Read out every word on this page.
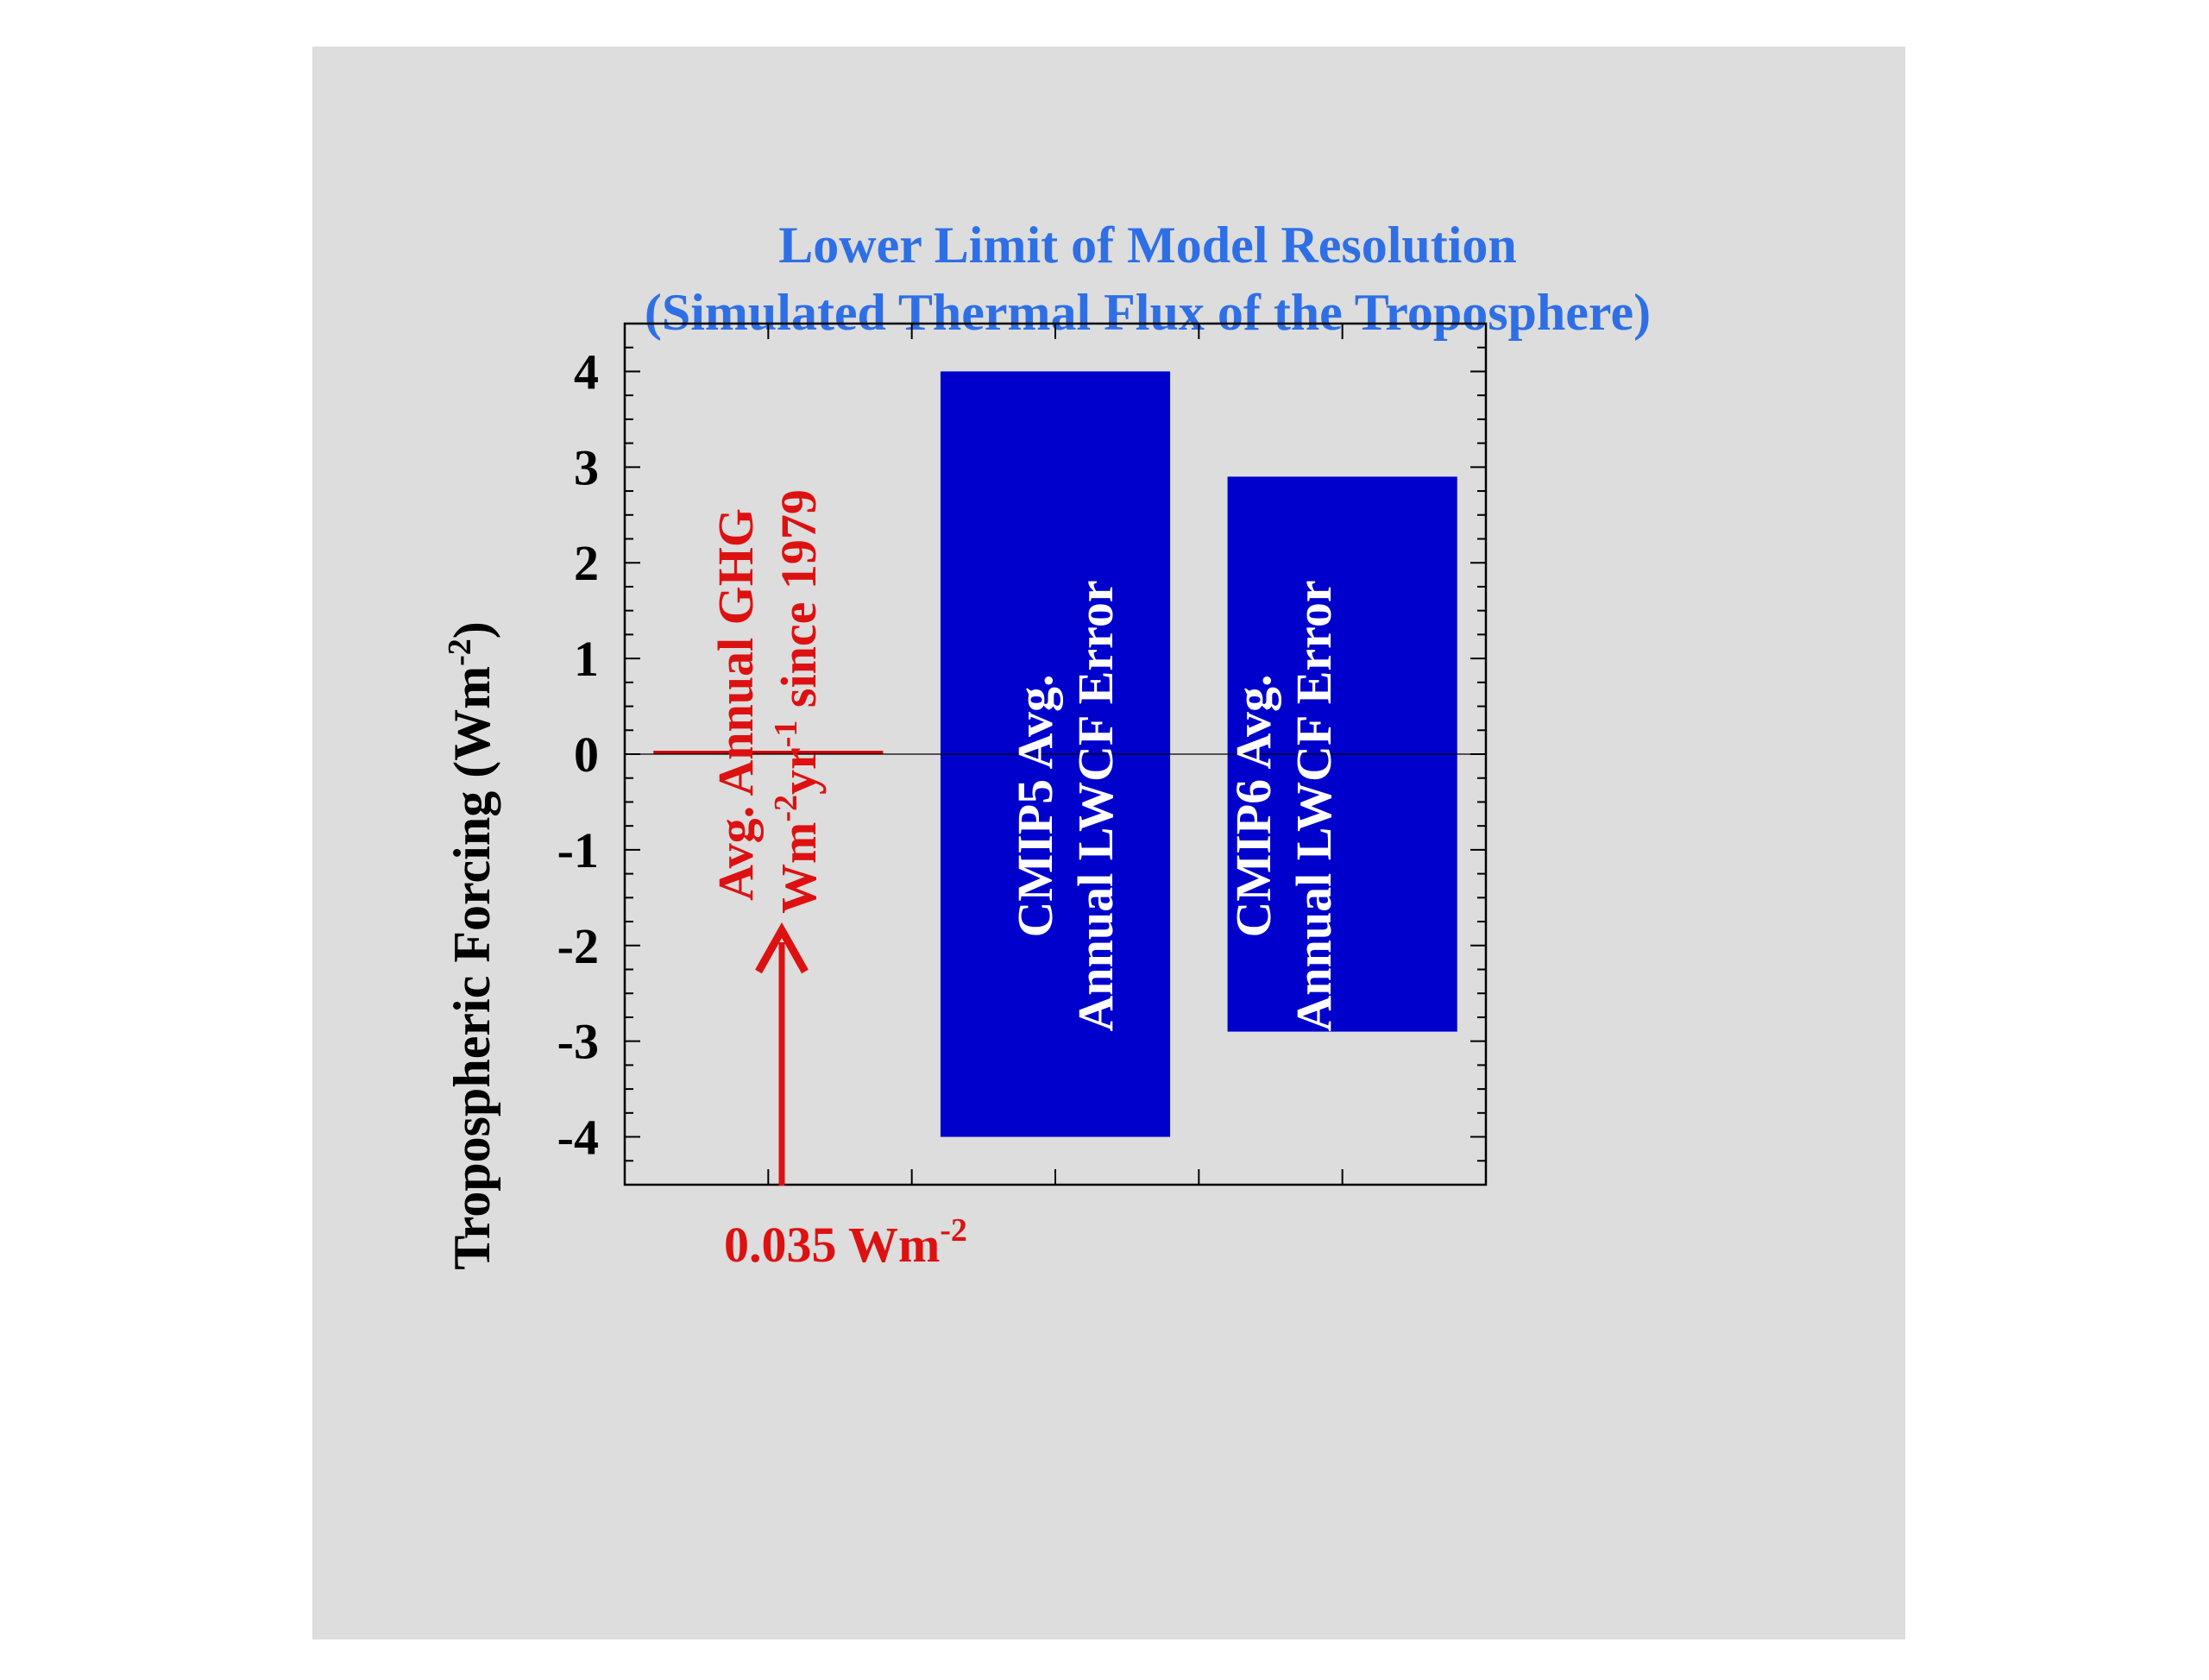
Lower Limit of Model Resolution
(Simulated Thermal Flux of the Troposphere)
Tropospheric Forcing $(Wm^{-2})$
-4
-3
-2
-1
0
1
2
3
4
Avg. Annual GHG $Wm^{-2}yr^{-1}$ since 1979
0.035 $Wm^{-2}$
CMIP5 Avg. Annual LWCF Error CMIP6 Avg. Annual LWCF Error
